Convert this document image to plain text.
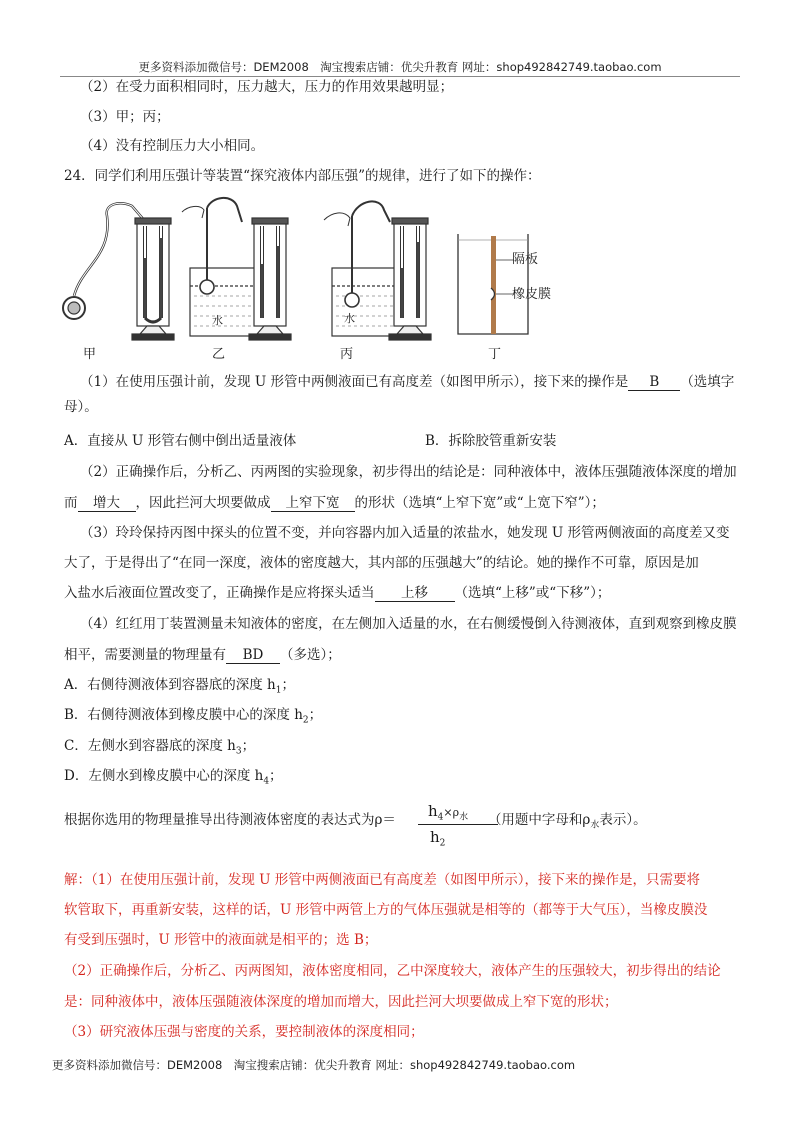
更多资料添加微信号：DEM2008　淘宝搜索店铺：优尖升教育 网址：shop492842749.taobao.com
（2）在受力面积相同时，压力越大，压力的作用效果越明显；
（3）甲；丙；
（4）没有控制压力大小相同。
24．同学们利用压强计等装置“探究液体内部压强”的规律，进行了如下的操作：
水	水
隔板
橡皮膜
甲	乙	丙	丁
（1）在使用压强计前，发现 U 形管中两侧液面已有高度差（如图甲所示），接下来的操作是 B （选填字
母）。
A．直接从 U 形管右侧中倒出适量液体	B．拆除胶管重新安装
（2）正确操作后，分析乙、丙两图的实验现象，初步得出的结论是：同种液体中，液体压强随液体深度的增加
而 增大 ，因此拦河大坝要做成 上窄下宽 的形状（选填“上窄下宽”或“上宽下窄”）；
（3）玲玲保持丙图中探头的位置不变，并向容器内加入适量的浓盐水，她发现 U 形管两侧液面的高度差又变
大了，于是得出了“在同一深度，液体的密度越大，其内部的压强越大”的结论。她的操作不可靠，原因是加
入盐水后液面位置改变了，正确操作是应将探头适当 上移 （选填“上移”或“下移”）；
（4）红红用丁装置测量未知液体的密度，在左侧加入适量的水，在右侧缓慢倒入待测液体，直到观察到橡皮膜
相平，需要测量的物理量有 BD （多选）；
A．右侧待测液体到容器底的深度 $h_1$；
B．右侧待测液体到橡皮膜中心的深度 $h_2$；
C．左侧水到容器底的深度 $h_3$；
D．左侧水到橡皮膜中心的深度 $h_4$；
根据你选用的物理量推导出待测液体密度的表达式为ρ＝	（用题中字母和$\rho_水$表示）。
$h_4\times\rho_水$
$h_2$
解：（1）在使用压强计前，发现 U 形管中两侧液面已有高度差（如图甲所示），接下来的操作是，只需要将
软管取下，再重新安装，这样的话，U 形管中两管上方的气体压强就是相等的（都等于大气压），当橡皮膜没
有受到压强时，U 形管中的液面就是相平的；选 B；
（2）正确操作后，分析乙、丙两图知，液体密度相同，乙中深度较大，液体产生的压强较大，初步得出的结论
是：同种液体中，液体压强随液体深度的增加而增大，因此拦河大坝要做成上窄下宽的形状；
（3）研究液体压强与密度的关系，要控制液体的深度相同；
更多资料添加微信号：DEM2008　淘宝搜索店铺：优尖升教育 网址：shop492842749.taobao.com
